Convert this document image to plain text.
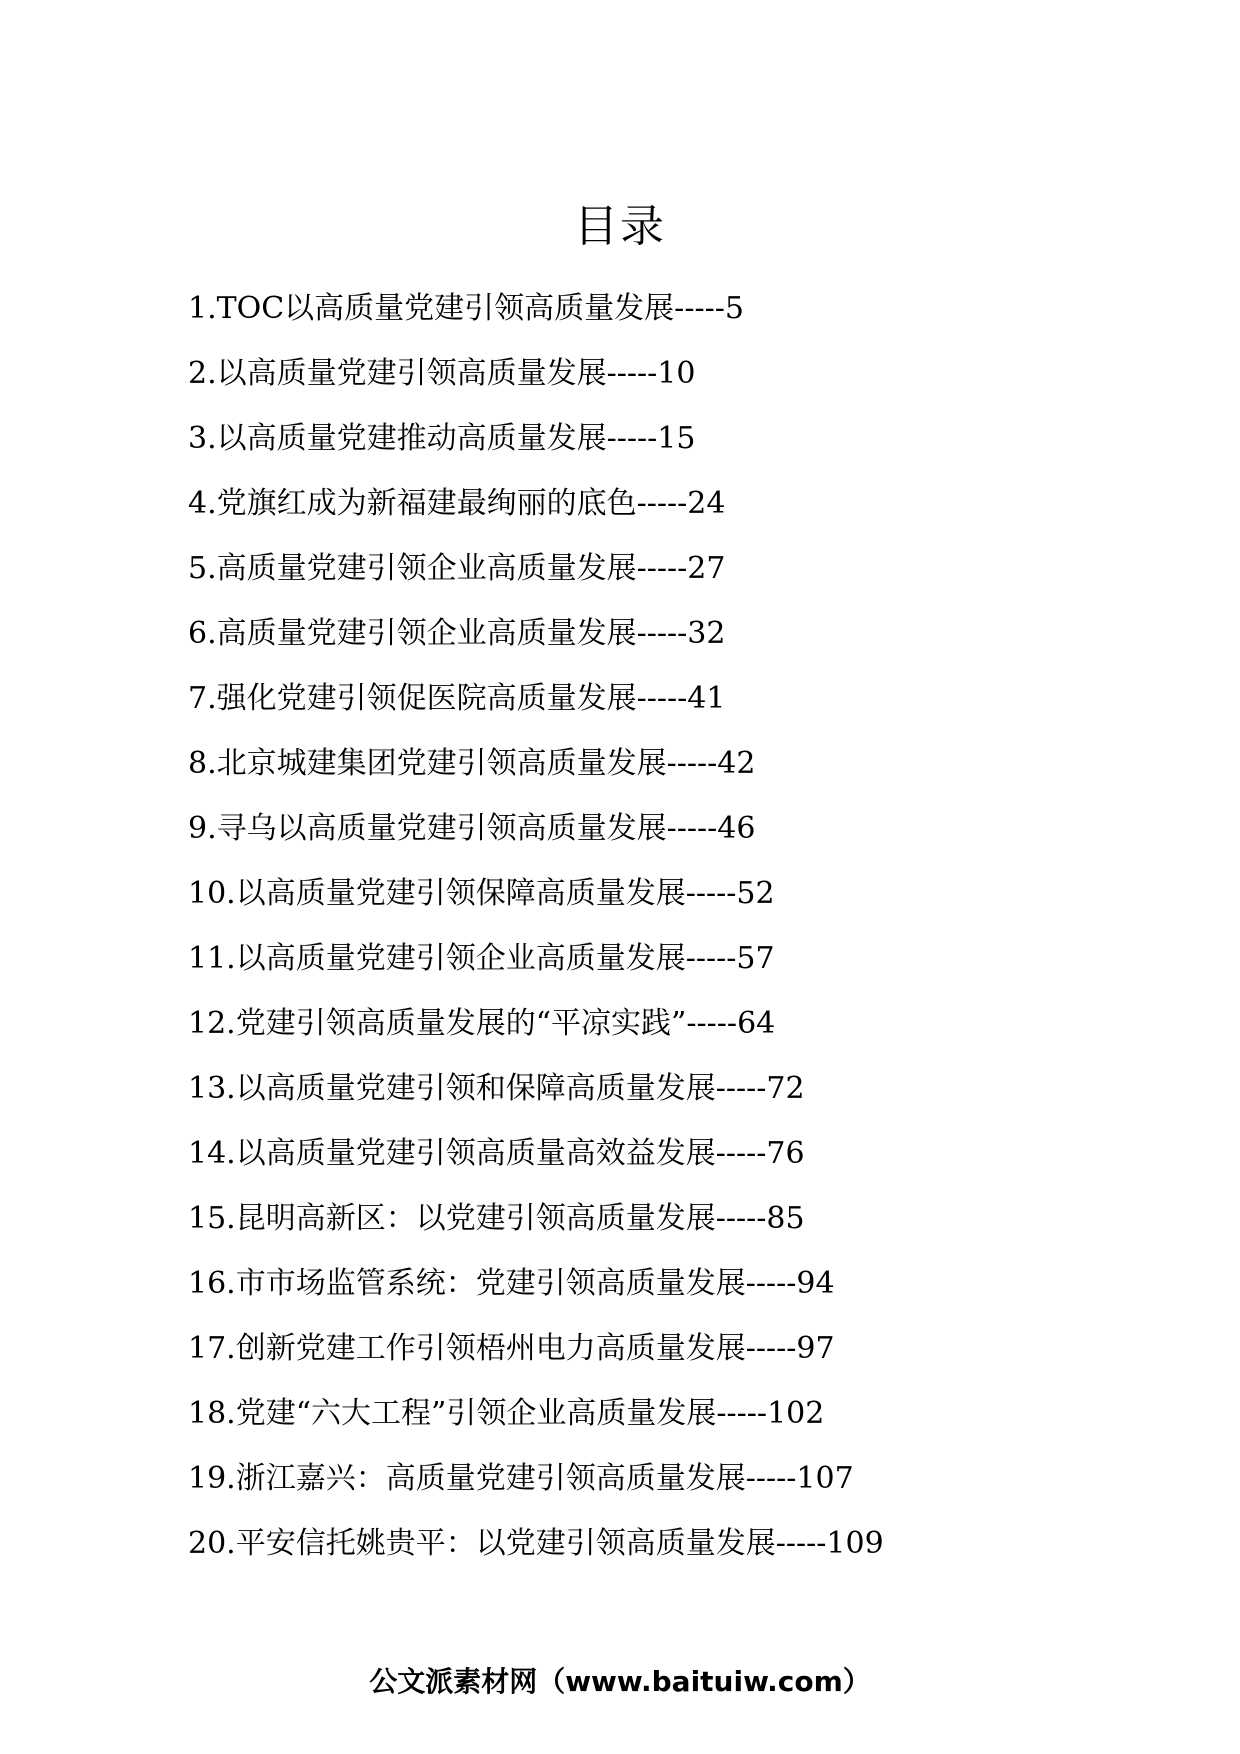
目录
1.TOC以高质量党建引领高质量发展-----5
2.以高质量党建引领高质量发展-----10
3.以高质量党建推动高质量发展-----15
4.党旗红成为新福建最绚丽的底色-----24
5.高质量党建引领企业高质量发展-----27
6.高质量党建引领企业高质量发展-----32
7.强化党建引领促医院高质量发展-----41
8.北京城建集团党建引领高质量发展-----42
9.寻乌以高质量党建引领高质量发展-----46
10.以高质量党建引领保障高质量发展-----52
11.以高质量党建引领企业高质量发展-----57
12.党建引领高质量发展的“平凉实践”-----64
13.以高质量党建引领和保障高质量发展-----72
14.以高质量党建引领高质量高效益发展-----76
15.昆明高新区：以党建引领高质量发展-----85
16.市市场监管系统：党建引领高质量发展-----94
17.创新党建工作引领梧州电力高质量发展-----97
18.党建“六大工程”引领企业高质量发展-----102
19.浙江嘉兴：高质量党建引领高质量发展-----107
20.平安信托姚贵平：以党建引领高质量发展-----109
公文派素材网（www.baituiw.com）
